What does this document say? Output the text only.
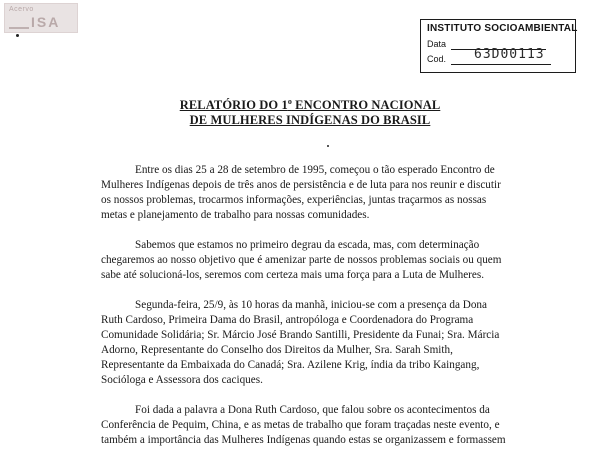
Acervo
ISA	INSTITUTO SOCIOAMBIENTAL
Data
Cod. 63D00113
RELATÓRIO DO 1$^o$ ENCONTRO NACIONAL
DE MULHERES INDÍGENAS DO BRASIL

Entre os dias 25 a 28 de setembro de 1995, começou o tão esperado Encontro de
Mulheres Indígenas depois de três anos de persistência e de luta para nos reunir e discutir
os nossos problemas, trocarmos informações, experiências, juntas traçarmos as nossas
metas e planejamento de trabalho para nossas comunidades.

Sabemos que estamos no primeiro degrau da escada, mas, com determinação
chegaremos ao nosso objetivo que é amenizar parte de nossos problemas sociais ou quem
sabe até solucioná-los, seremos com certeza mais uma força para a Luta de Mulheres.

Segunda-feira, 25/9, às 10 horas da manhã, iniciou-se com a presença da Dona
Ruth Cardoso, Primeira Dama do Brasil, antropóloga e Coordenadora do Programa
Comunidade Solidária; Sr. Márcio José Brando Santilli, Presidente da Funai; Sra. Márcia
Adorno, Representante do Conselho dos Direitos da Mulher, Sra. Sarah Smith,
Representante da Embaixada do Canadá; Sra. Azilene Krig, índia da tribo Kaingang,
Socióloga e Assessora dos caciques.

Foi dada a palavra a Dona Ruth Cardoso, que falou sobre os acontecimentos da
Conferência de Pequim, China, e as metas de trabalho que foram traçadas neste evento, e
também a importância das Mulheres Indígenas quando estas se organizassem e formassem
